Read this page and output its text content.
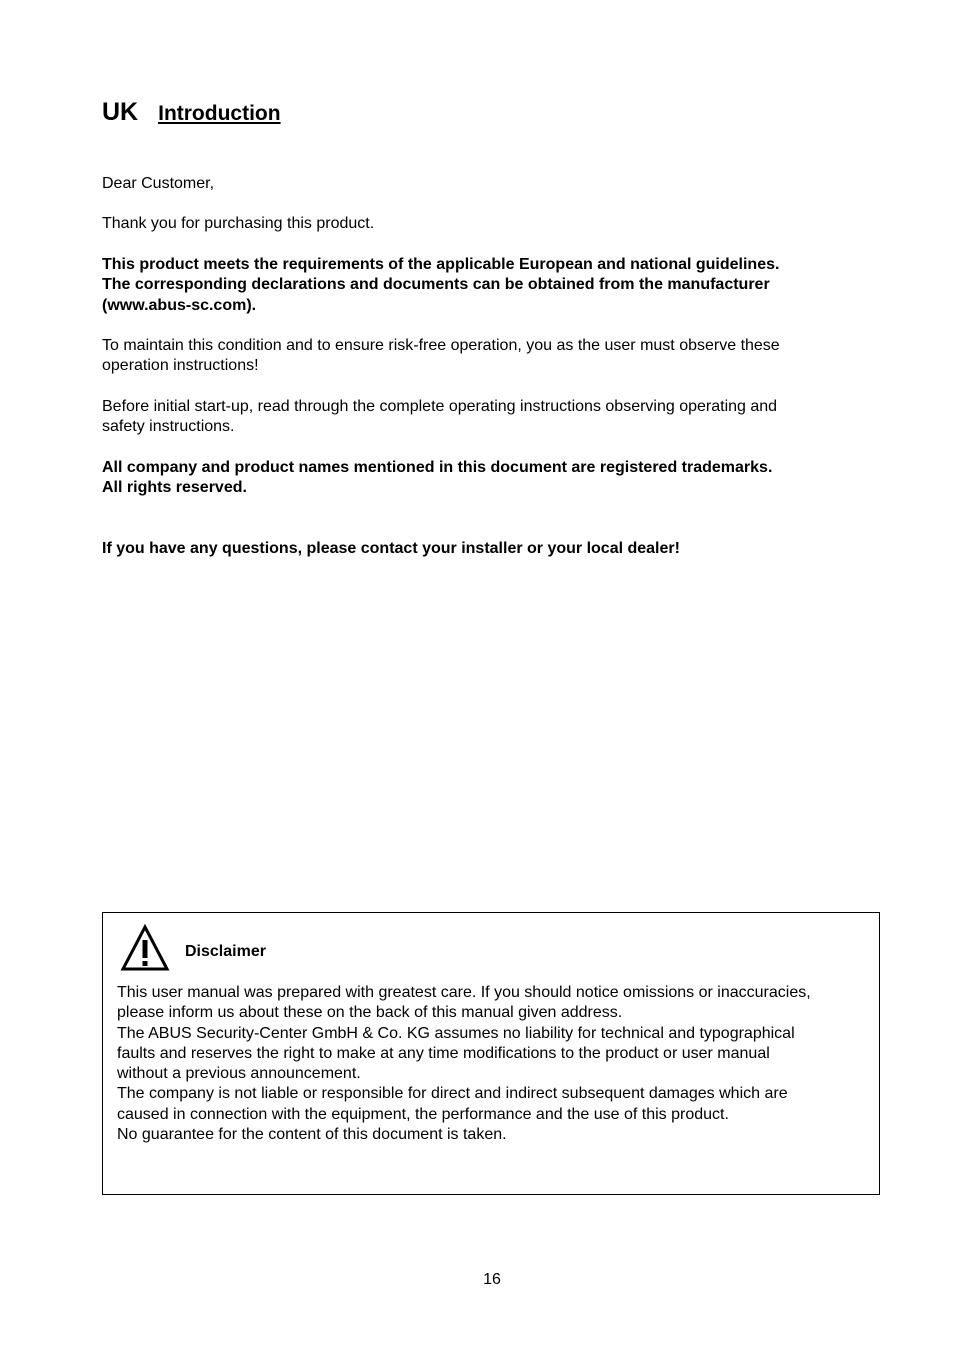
UK Introduction

Dear Customer,

Thank you for purchasing this product.

This product meets the requirements of the applicable European and national guidelines.
The corresponding declarations and documents can be obtained from the manufacturer
(www.abus-sc.com).

To maintain this condition and to ensure risk-free operation, you as the user must observe these
operation instructions!

Before initial start-up, read through the complete operating instructions observing operating and
safety instructions.

All company and product names mentioned in this document are registered trademarks.
All rights reserved.

If you have any questions, please contact your installer or your local dealer!

Disclaimer
This user manual was prepared with greatest care. If you should notice omissions or inaccuracies,
please inform us about these on the back of this manual given address.
The ABUS Security-Center GmbH & Co. KG assumes no liability for technical and typographical
faults and reserves the right to make at any time modifications to the product or user manual
without a previous announcement.
The company is not liable or responsible for direct and indirect subsequent damages which are
caused in connection with the equipment, the performance and the use of this product.
No guarantee for the content of this document is taken.
16
